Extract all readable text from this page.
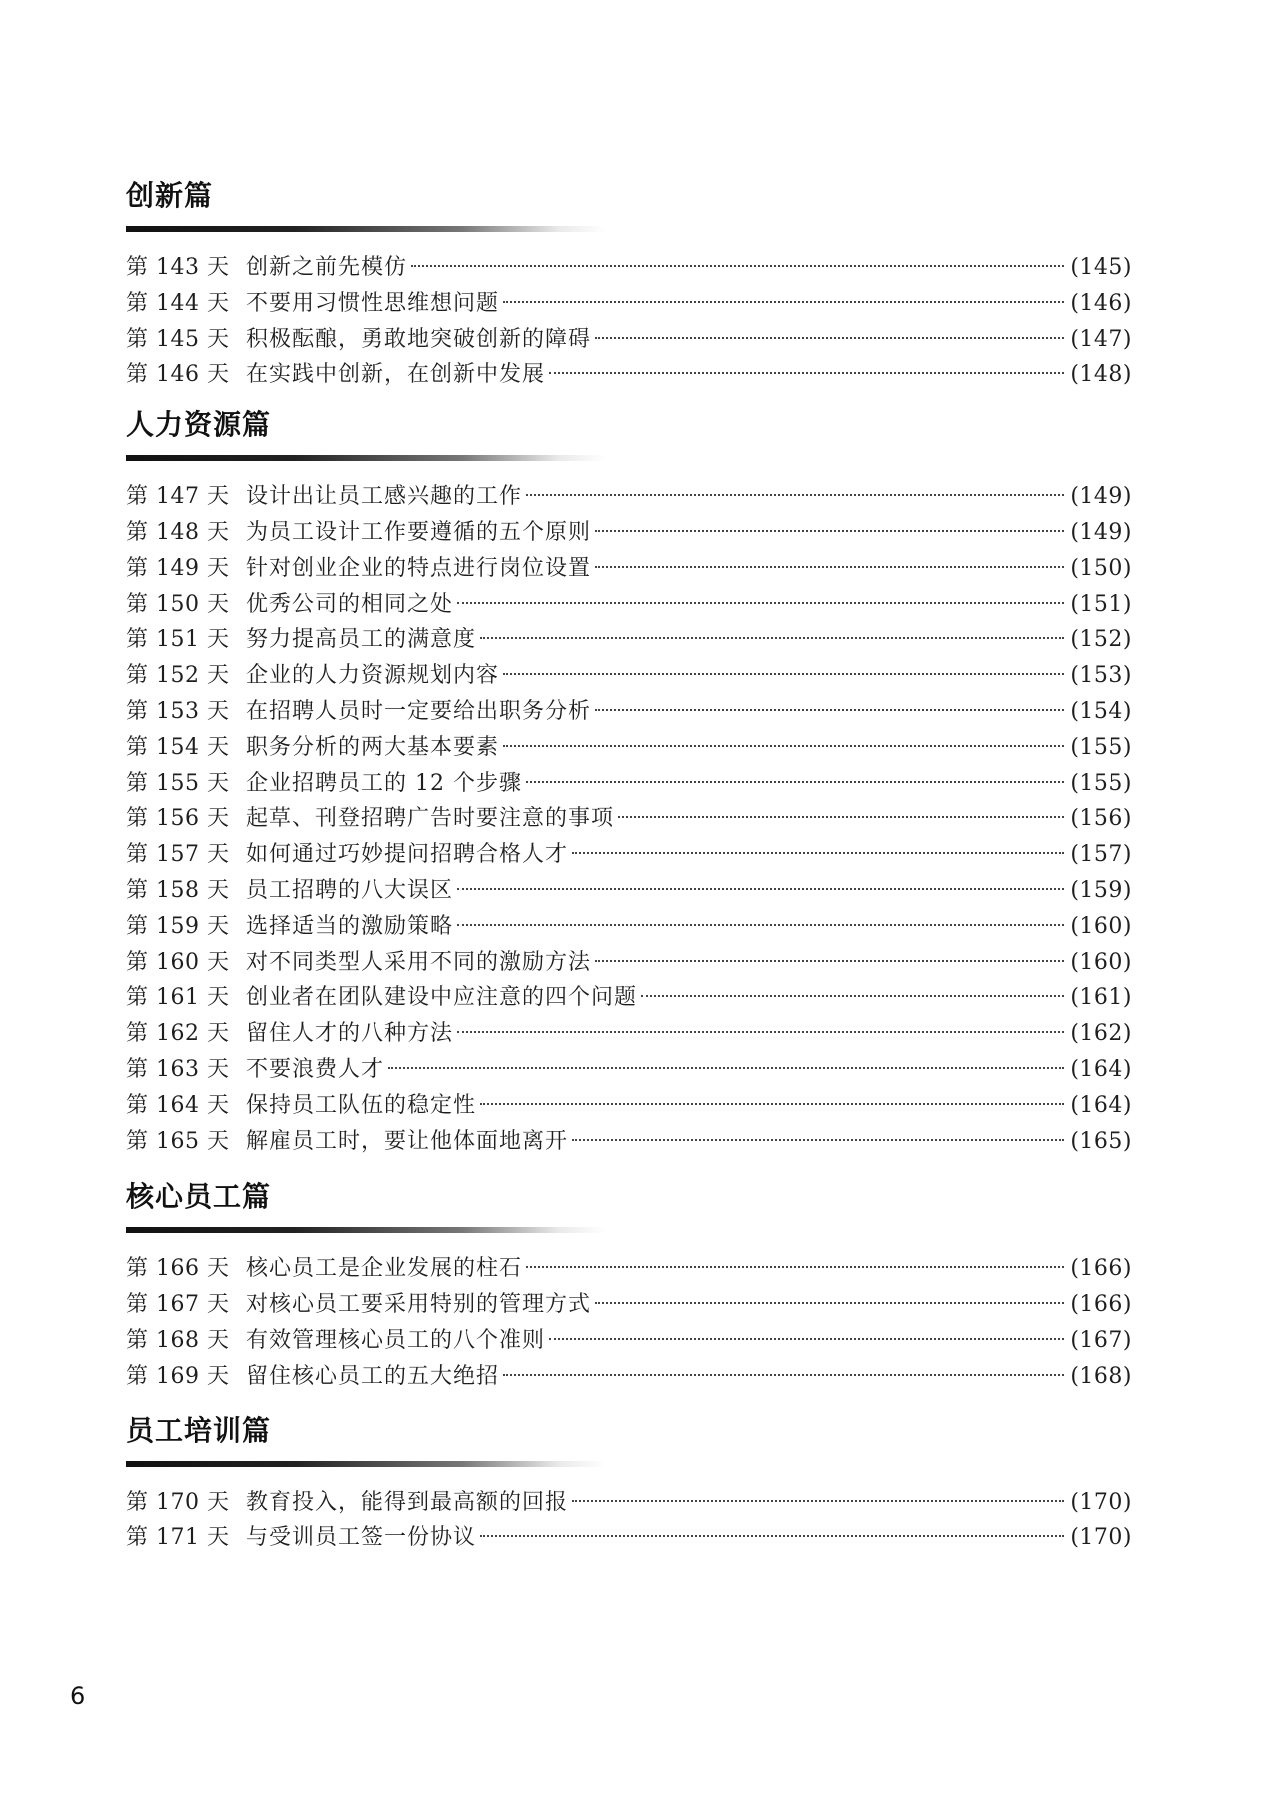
创新篇
第 143 天 创新之前先模仿	(145)
第 144 天 不要用习惯性思维想问题	(146)
第 145 天 积极酝酿，勇敢地突破创新的障碍	(147)
第 146 天 在实践中创新，在创新中发展	(148)
人力资源篇
第 147 天 设计出让员工感兴趣的工作	(149)
第 148 天 为员工设计工作要遵循的五个原则	(149)
第 149 天 针对创业企业的特点进行岗位设置	(150)
第 150 天 优秀公司的相同之处	(151)
第 151 天 努力提高员工的满意度	(152)
第 152 天 企业的人力资源规划内容	(153)
第 153 天 在招聘人员时一定要给出职务分析	(154)
第 154 天 职务分析的两大基本要素	(155)
第 155 天 企业招聘员工的 12 个步骤	(155)
第 156 天 起草、刊登招聘广告时要注意的事项	(156)
第 157 天 如何通过巧妙提问招聘合格人才	(157)
第 158 天 员工招聘的八大误区	(159)
第 159 天 选择适当的激励策略	(160)
第 160 天 对不同类型人采用不同的激励方法	(160)
第 161 天 创业者在团队建设中应注意的四个问题	(161)
第 162 天 留住人才的八种方法	(162)
第 163 天 不要浪费人才	(164)
第 164 天 保持员工队伍的稳定性	(164)
第 165 天 解雇员工时，要让他体面地离开	(165)
核心员工篇
第 166 天 核心员工是企业发展的柱石	(166)
第 167 天 对核心员工要采用特别的管理方式	(166)
第 168 天 有效管理核心员工的八个准则	(167)
第 169 天 留住核心员工的五大绝招	(168)
员工培训篇
第 170 天 教育投入，能得到最高额的回报	(170)
第 171 天 与受训员工签一份协议	(170)
6
